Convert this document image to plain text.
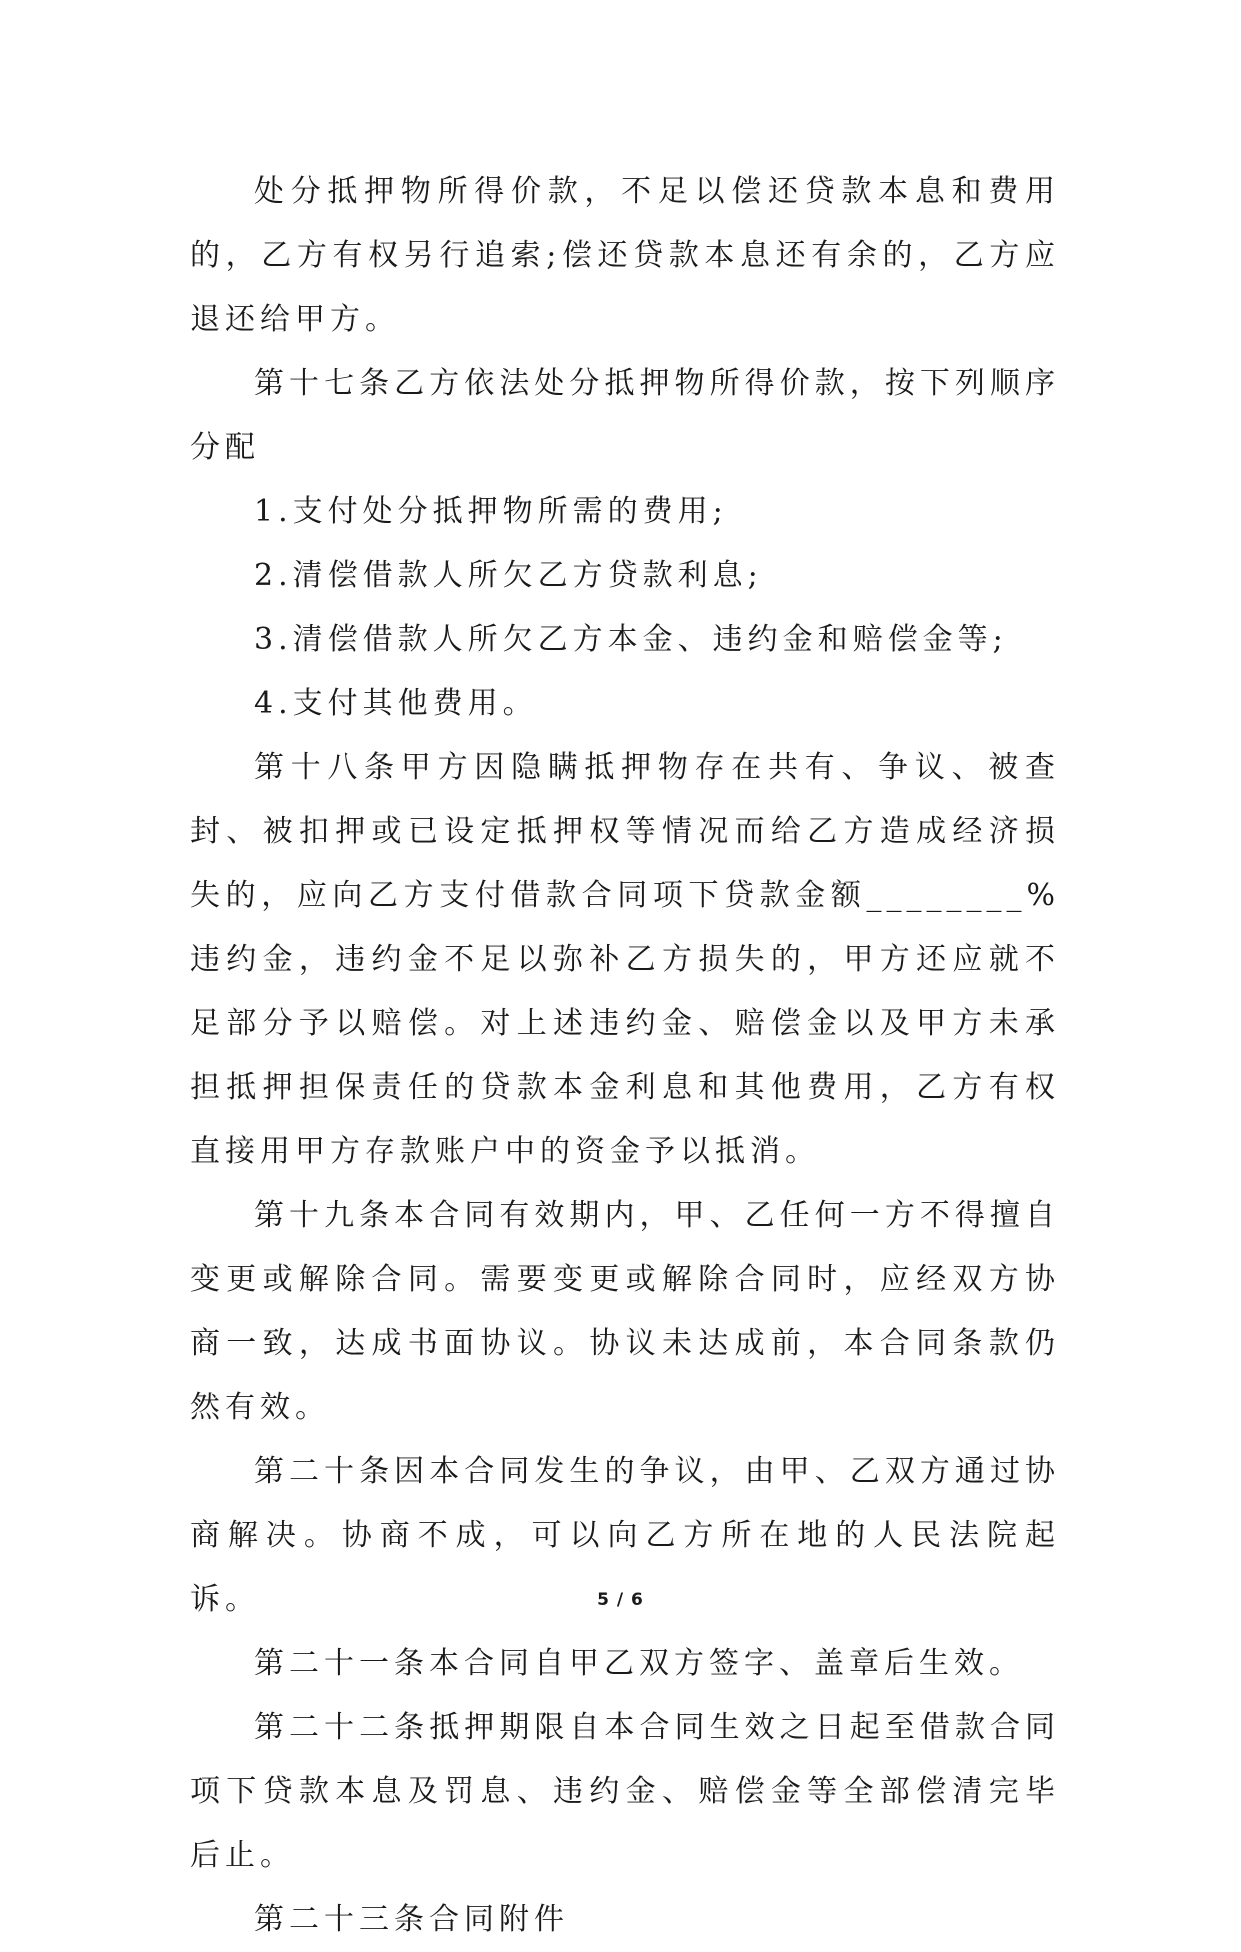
处分抵押物所得价款，不足以偿还贷款本息和费用的，乙方有权另行追索;偿还贷款本息还有余的，乙方应退还给甲方。

第十七条乙方依法处分抵押物所得价款，按下列顺序分配

1.支付处分抵押物所需的费用;

2.清偿借款人所欠乙方贷款利息;

3.清偿借款人所欠乙方本金、违约金和赔偿金等;

4.支付其他费用。

第十八条甲方因隐瞒抵押物存在共有、争议、被查封、被扣押或已设定抵押权等情况而给乙方造成经济损失的，应向乙方支付借款合同项下贷款金额________%违约金，违约金不足以弥补乙方损失的，甲方还应就不足部分予以赔偿。对上述违约金、赔偿金以及甲方未承担抵押担保责任的贷款本金利息和其他费用，乙方有权直接用甲方存款账户中的资金予以抵消。

第十九条本合同有效期内，甲、乙任何一方不得擅自变更或解除合同。需要变更或解除合同时，应经双方协商一致，达成书面协议。协议未达成前，本合同条款仍然有效。

第二十条因本合同发生的争议，由甲、乙双方通过协商解决。协商不成，可以向乙方所在地的人民法院起诉。

第二十一条本合同自甲乙双方签字、盖章后生效。

第二十二条抵押期限自本合同生效之日起至借款合同项下贷款本息及罚息、违约金、赔偿金等全部偿清完毕后止。

第二十三条合同附件

5 / 6
